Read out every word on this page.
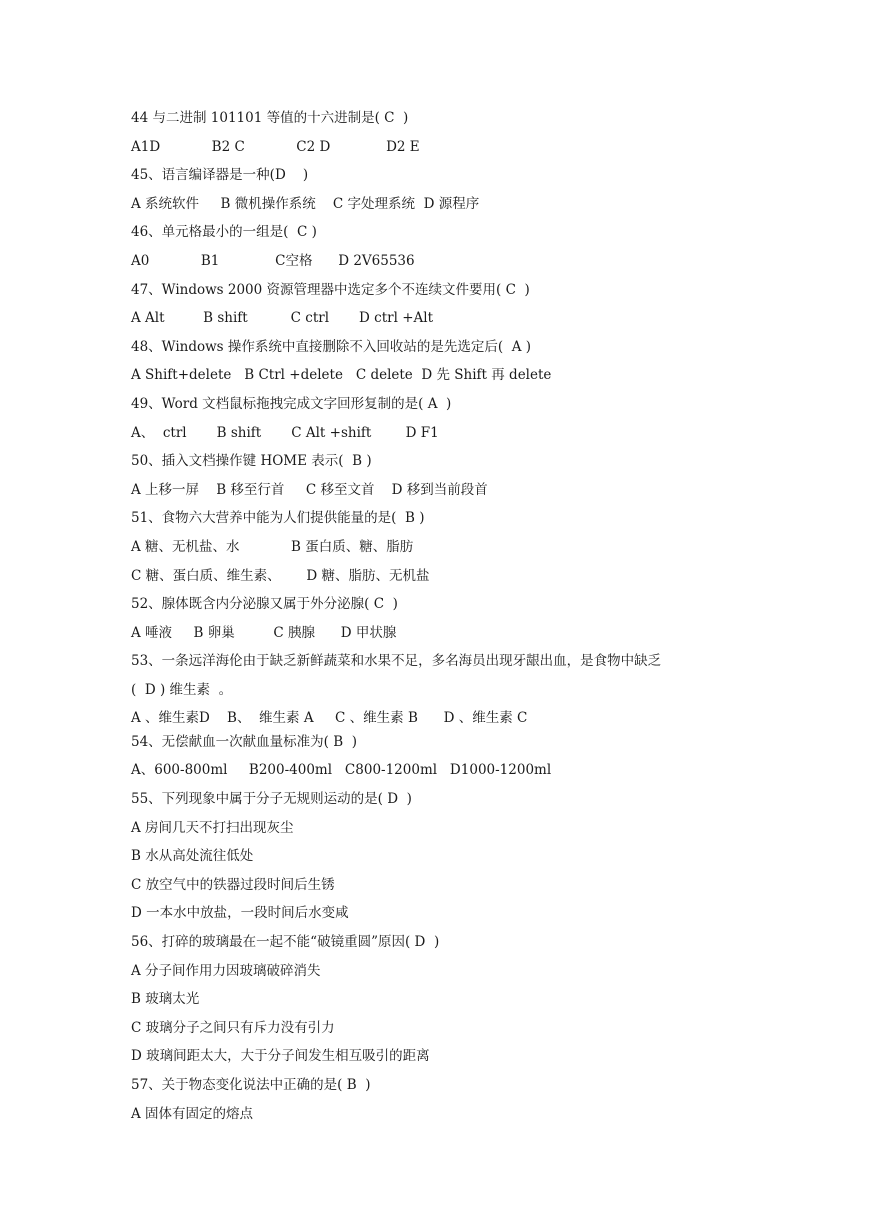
44 与二进制 101101 等值的十六进制是( C  )
A1D            B2 C            C2 D             D2 E
45、语言编译器是一种(D    )
A 系统软件     B 微机操作系统    C 字处理系统  D 源程序
46、单元格最小的一组是(  C )
A0            B1             C空格      D 2V65536
47、Windows 2000 资源管理器中选定多个不连续文件要用( C  )
A Alt         B shift          C ctrl       D ctrl +Alt
48、Windows 操作系统中直接删除不入回收站的是先选定后(  A )
A Shift+delete   B Ctrl +delete   C delete  D 先 Shift 再 delete
49、Word 文档鼠标拖拽完成文字回形复制的是( A  )
A、  ctrl       B shift       C Alt +shift        D F1
50、插入文档操作键 HOME 表示(  B )
A 上移一屏    B 移至行首     C 移至文首    D 移到当前段首
51、食物六大营养中能为人们提供能量的是(  B )
A 糖、无机盐、水            B 蛋白质、糖、脂肪
C 糖、蛋白质、维生素、      D 糖、脂肪、无机盐
52、腺体既含内分泌腺又属于外分泌腺( C  )
A 唾液     B 卵巢         C 胰腺      D 甲状腺
53、一条远洋海伦由于缺乏新鲜蔬菜和水果不足，多名海员出现牙龈出血，是食物中缺乏
(  D ) 维生素  。
A 、维生素D    B、  维生素 A     C 、维生素 B      D 、维生素 C
54、无偿献血一次献血量标准为( B  )
A、600-800ml     B200-400ml   C800-1200ml   D1000-1200ml
55、下列现象中属于分子无规则运动的是( D  )
A 房间几天不打扫出现灰尘
B 水从高处流往低处
C 放空气中的铁器过段时间后生锈
D 一本水中放盐，一段时间后水变咸
56、打碎的玻璃最在一起不能“破镜重圆”原因( D  )
A 分子间作用力因玻璃破碎消失
B 玻璃太光
C 玻璃分子之间只有斥力没有引力
D 玻璃间距太大，大于分子间发生相互吸引的距离
57、关于物态变化说法中正确的是( B  )
A 固体有固定的熔点
